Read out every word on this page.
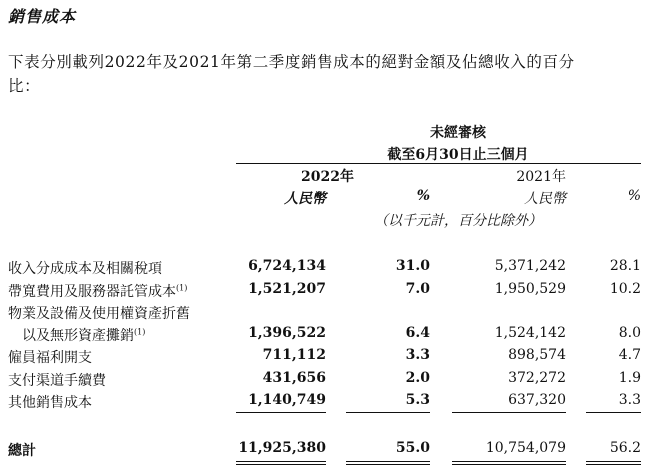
銷售成本
下表分別載列2022年及2021年第二季度銷售成本的絕對金額及佔總收入的百分
比：
未經審核
截至6月30日止三個月
2022年	2021年
人民幣	%	人民幣	%
（以千元計，百分比除外）
收入分成成本及相關稅項	6,724,134	31.0	5,371,242	28.1
帶寬費用及服務器託管成本$^{(1)}$	1,521,207	7.0	1,950,529	10.2
物業及設備及使用權資產折舊
以及無形資產攤銷$^{(1)}$	1,396,522	6.4	1,524,142	8.0
僱員福利開支	711,112	3.3	898,574	4.7
支付渠道手續費	431,656	2.0	372,272	1.9
其他銷售成本	1,140,749	5.3	637,320	3.3
總計	11,925,380	55.0	10,754,079	56.2
